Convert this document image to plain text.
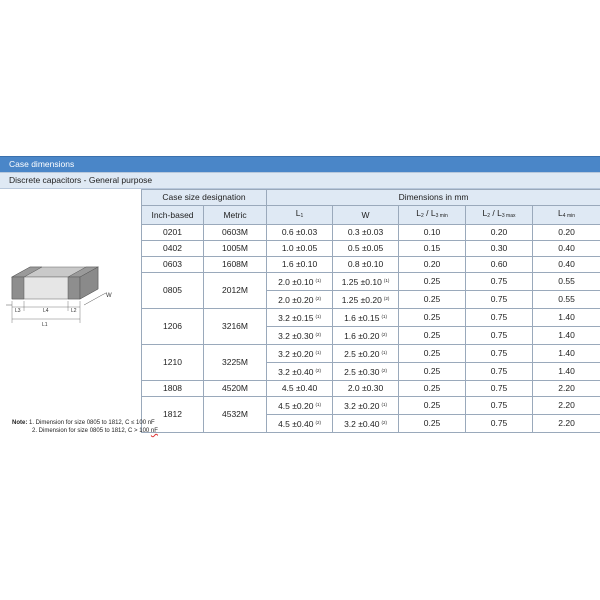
Case dimensions
Discrete capacitors - General purpose
W
L3	L4	L2
L1
Case size designation		Dimensions in mm				
Inch-based	Metric	$L_1$	W	$L_2 / L_{3 min}$	$L_2 / L_{3 max}$	$L_{4 min}$
0201	0603M	0.6 ±0.03	0.3 ±0.03	0.10	0.20	0.20
0402	1005M	1.0 ±0.05	0.5 ±0.05	0.15	0.30	0.40
0603	1608M	1.6 ±0.10	0.8 ±0.10	0.20	0.60	0.40
0805	2012M	2.0 ±0.10 $^{(1)}$	1.25 ±0.10 $^{(1)}$	0.25	0.75	0.55
		2.0 ±0.20 $^{(2)}$	1.25 ±0.20 $^{(2)}$	0.25	0.75	0.55
1206	3216M	3.2 ±0.15 $^{(1)}$	1.6 ±0.15 $^{(1)}$	0.25	0.75	1.40
		3.2 ±0.30 $^{(2)}$	1.6 ±0.20 $^{(2)}$	0.25	0.75	1.40
1210	3225M	3.2 ±0.20 $^{(1)}$	2.5 ±0.20 $^{(1)}$	0.25	0.75	1.40
		3.2 ±0.40 $^{(2)}$	2.5 ±0.30 $^{(2)}$	0.25	0.75	1.40
1808	4520M	4.5 ±0.40	2.0 ±0.30	0.25	0.75	2.20
1812	4532M	4.5 ±0.20 $^{(1)}$	3.2 ±0.20 $^{(1)}$	0.25	0.75	2.20
		4.5 ±0.40 $^{(2)}$	3.2 ±0.40 $^{(2)}$	0.25	0.75	2.20
Note: 1. Dimension for size 0805 to 1812, C ≤ 100 nF
2. Dimension for size 0805 to 1812, C > 100 nF
